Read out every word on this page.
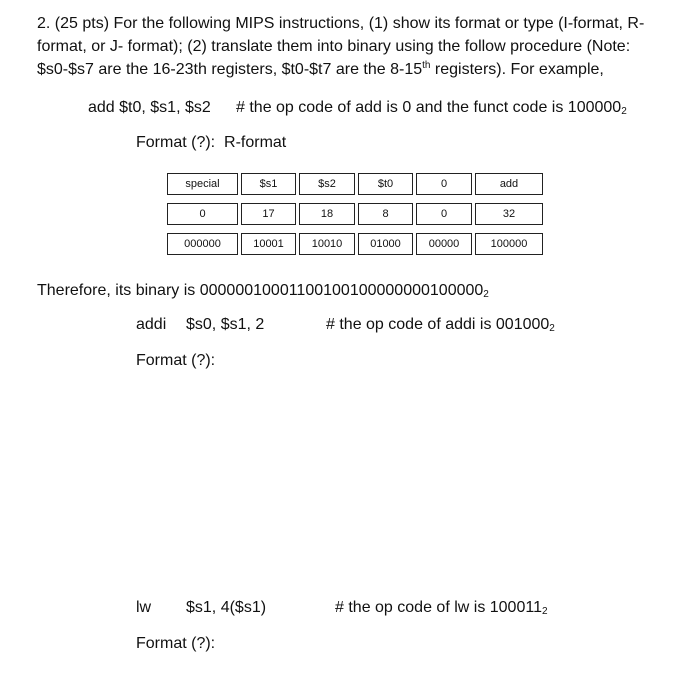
2. (25 pts) For the following MIPS instructions, (1) show its format or type (I-format, R-format, or J- format); (2) translate them into binary using the follow procedure (Note: $s0-$s7 are the 16-23th registers, $t0-$t7 are the 8-15th registers). For example,
add $t0, $s1, $s2 # the op code of add is 0 and the funct code is $100000_2$
Format (?): R-format
special	$s1	$s2	$t0	0	add
0	17	18	8	0	32
000000	10001	10010	01000	00000	100000
Therefore, its binary is $00000010001100100100000000100000_2$
addi $s0, $s1, 2	# the op code of addi is $001000_2$
Format (?):
lw $s1, 4($s1)	# the op code of lw is $100011_2$
Format (?):
